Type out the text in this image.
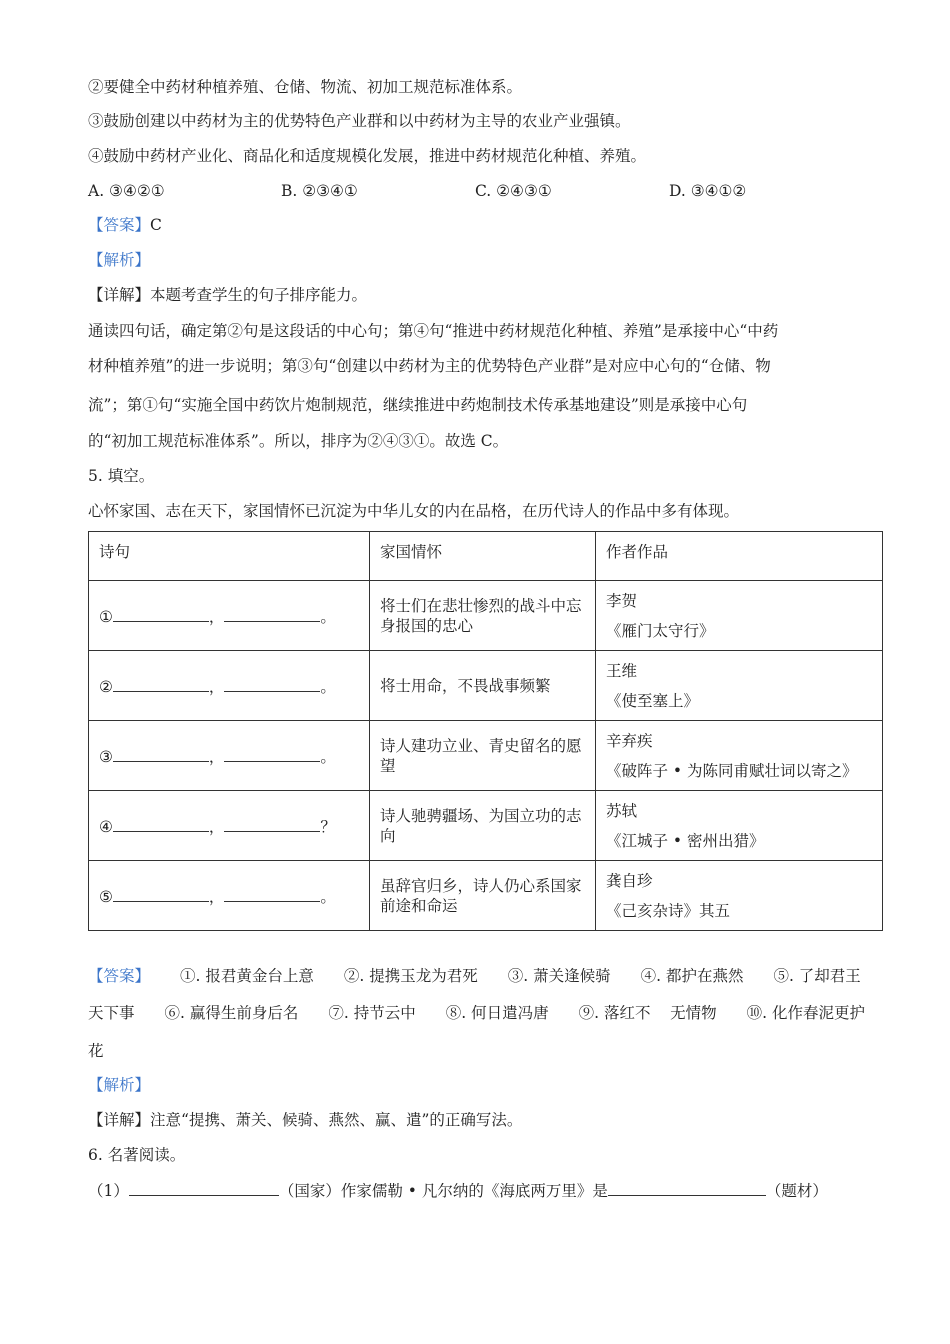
②要健全中药材种植养殖、仓储、物流、初加工规范标准体系。
③鼓励创建以中药材为主的优势特色产业群和以中药材为主导的农业产业强镇。
④鼓励中药材产业化、商品化和适度规模化发展，推进中药材规范化种植、养殖。
A. ③④②①	B. ②③④①	C. ②④③①	D. ③④①②
【答案】C
【解析】
【详解】本题考查学生的句子排序能力。
通读四句话，确定第②句是这段话的中心句；第④句“推进中药材规范化种植、养殖”是承接中心“中药
材种植养殖”的进一步说明；第③句“创建以中药材为主的优势特色产业群”是对应中心句的“仓储、物
流”；第①句“实施全国中药饮片炮制规范，继续推进中药炮制技术传承基地建设”则是承接中心句
的“初加工规范标准体系”。所以，排序为②④③①。故选 C。
5. 填空。
心怀家国、志在天下，家国情怀已沉淀为中华儿女的内在品格，在历代诗人的作品中多有体现。
诗句	家国情怀	作者作品
① ， 。	将士们在悲壮惨烈的战斗中忘身报国的忠心	李贺
《雁门太守行》

② ， 。	将士用命，不畏战事频繁	王维
《使至塞上》

③ ， 。	诗人建功立业、青史留名的愿望	辛弃疾
《破阵子 • 为陈同甫赋壮词以寄之》

④ ， ？	诗人驰骋疆场、为国立功的志向	苏轼
《江城子 • 密州出猎》

⑤ ， 。	虽辞官归乡，诗人仍心系国家前途和命运	龚自珍
《己亥杂诗》其五
【答案】 ①. 报君黄金台上意 ②. 提携玉龙为君死 ③. 萧关逢候骑 ④. 都护在燕然 ⑤. 了却君王
天下事 ⑥. 赢得生前身后名 ⑦. 持节云中 ⑧. 何日遣冯唐 ⑨. 落红不    无情物 ⑩. 化作春泥更护
花
【解析】
【详解】注意“提携、萧关、候骑、燕然、赢、遣”的正确写法。
6. 名著阅读。
（1）	（国家）作家儒勒 • 凡尔纳的《海底两万里》是	（题材）
